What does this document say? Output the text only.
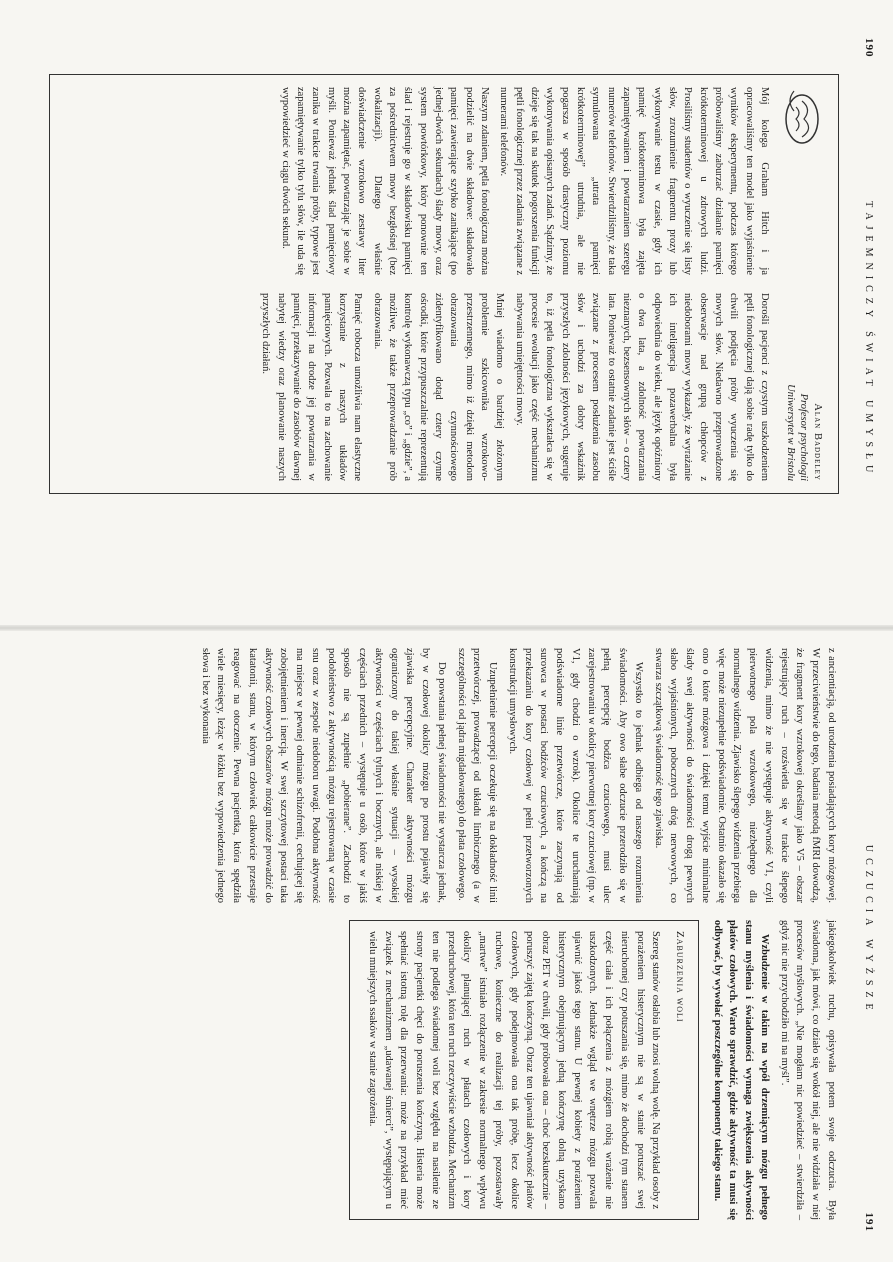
190
TAJEMNICZY ŚWIAT UMYSŁU
Alan Baddeley
Profesor psychologii
Uniwersytet w Bristolu

Mój kolega Graham Hitch i ja opracowaliśmy ten model jako wyjaśnienie wyników eksperymentu, podczas którego próbowaliśmy zaburzać działanie pamięci krótkoterminowej u zdrowych ludzi. Prosiliśmy studentów o wyuczenie się listy słów, zrozumienie fragmentu prozy lub wykonywanie testu w czasie, gdy ich pamięć krótkoterminowa była zajęta zapamiętywaniem i powtarzaniem szeregu numerów telefonów. Stwierdziliśmy, że taka symulowana „utrata pamięci krótkoterminowej” utrudnia, ale nie pogarsza w sposób drastyczny poziomu wykonywania opisanych zadań. Sądzimy, że dzieje się tak na skutek pogorszenia funkcji pętli fonologicznej przez zadania związane z numerami telefonów.

Naszym zdaniem, pętla fonologiczna można podzielić na dwie składowe: składowało pamięci zawierające szybko zanikające (po jednej-dwóch sekundach) ślady mowy, oraz system powtórkowy, który ponownie ten ślad i rejestruje go w składowisku pamięci za pośrednictwem mowy bezgłośnej (bez wokalizacji). Dlatego właśnie doświadczenie wzrokowo zestawy liter można zapamiętać, powtarzając je sobie w myśli. Ponieważ jednak ślad pamięciowy zanika w trakcie trwania próby, typowe jest zapamiętywanie tylko tylu słów, ile uda się wypowiedzieć w ciągu dwóch sekund.

Dorośli pacjenci z czystym uszkodzeniem pętli fonologicznej dają sobie radę tylko do chwili podjęcia próby wyuczenia się nowych słów. Niedawno przeprowadzone obserwacje nad grupą chłopców z niedoborami mowy wykazały, że wyrażanie ich inteligencja pozawerbalna była odpowiednia do wieku, ale język opóźniony o dwa lata, a zdolność powtarzania nieznanych, bezsensownych słów – o cztery lata. Ponieważ to ostatnie zadanie jest ściśle związane z procesem posłużenia zasobu słów i uchodzi za dobry wskaźnik przyszłych zdolności językowych, sugeruje to, iż pętla fonologiczna wykształca się w procesie ewolucji jako część mechanizmu nabywania umiejętności mowy.

Mniej wiadomo o bardziej złożonym problemie szkicownika wzrokowo-przestrzennego, mimo iż dzięki metodom obrazowania czynnościowego zidentyfikowano dotąd cztery czynne ośrodki, które przypuszczalnie reprezentują kontrolę wykonawczą typu „co” i „gdzie”, a możliwe, że także przeprowadzanie prób obrazowania.

Pamięć robocza umożliwia nam elastyczne korzystanie z naszych układów pamięciowych. Pozwala to na zachowanie informacji na drodze jej powtarzania w pamięci, przekazywanie do zasobów dawnej nabytej wiedzy oraz planowanie naszych przyszłych działań.

UCZUCIA WYŻSZE
191

z ancientiacją, od urodzenia posiadających kory mózgowej. W przeciwieństwie do tego, badania metodą fMRI dowodzą, że fragment kory wzrokowej określany jako V5 – obszar rejestrujący ruch – rozświetla się w trakcie ślepego widzenia, mimo że nie występuje aktywność V1, czyli pierwotnego pola wzrokowego, niezbędnego dla normalnego widzenia. Zjawisko ślepego widzenia przebiega więc może niezupełnie podświadomie. Ostatnio okazało się ono o które mózgowa i dzięki temu wyjście minimalne ślady swej aktywności do świadomości drogą pewnych słabo wyjaśnionych, pobocznych dróg nerwowych, co stwarza szczątkową świadomość tego zjawiska.

Wszystko to jednak odbiega od naszego rozumienia świadomości. Aby owo słabe odczucie przerodziło się w pełną percepcję bodźca czuciowego, musi ulec zarejestrowaniu w okolicy pierwotnej kory czuciowej (np. w V1, gdy chodzi o wzrok). Okolice te uruchamiają podświadome linie przetwórcze, które zaczynają od surowca w postaci bodźców czuciowych, a kończą na przekazaniu do kory czołowej w pełni przetworzonych konstrukcji umysłowych.

Uzupełnienie percepcji oczekuje się na dokładność linii przetwórczej, prowadzącej od układu limbicznego (a w szczególności od jądra migdałowatego) do płata czołowego.

Do powstania pełnej świadomości nie wystarcza jednak, by w czołowej okolicy mózgu po prostu pojawiły się zjawiska percepcyjne. Charakter aktywności mózgu ograniczony do takiej właśnie sytuacji – wysokiej aktywności w częściach tylnych i bocznych, ale niskiej w częściach przednich – występuje u osób, które w jakiś sposób nie są zupełnie „pobierane”. Zachodzi to podobieństwo z aktywnością mózgu rejestrowaną w czasie snu oraz w zespole niedoboru uwagi. Podobna aktywność ma miejsce w pewnej odmianie schizofrenii, cechującej się zobojętnieniem i inercją. W swej szczytowej postaci taka aktywność czołowych obszarów mózgu może prowadzić do katatonii, stanu, w którym człowiek całkowicie przestaje reagować na otoczenie. Pewna pacjentka, która spędziła wiele miesięcy, leżąc w łóżku bez wypowiedzenia jednego słowa i bez wykonania

jakiegokolwiek ruchu, opisywała potem swoje odczucia. Była świadoma, jak mówi, co działo się wokół niej, ale nie widziała w niej procesów myślowych. „Nie mogłam nic powiedzieć – stwierdziła – gdyż nic nie przychodziło mi na myśl”.

Wzbudzenie w takim na wpół drzemiącym mózgu pełnego stanu myślenia i świadomości wymaga zwiększenia aktywności płatów czołowych. Warto sprawdzić, gdzie aktywność ta musi się odbywać, by wywołać poszczególne komponenty takiego stanu.

Zaburzenia woli

Szereg stanów osłabia lub znosi wolną wolę. Na przykład osoby z porażeniem histerycznym nie są w stanie poruszać swej nieruchomej czy potuszania się, mimo że dochodzi tym stanem część ciała i ich połączenia z mózgiem robią wrażenie nie uszkodzonych. Jednakże wgląd we wnętrze mózgu pozwala ujawnić jakoś tego stanu. U pewnej kobiety z porażeniem histerycznym obejmującym jedną kończynę dolną uzyskano obraz PET w chwili, gdy próbowała ona – choć bezskutecznie – poruszyć zajętą kończyną. Obraz ten ujawniał aktywność płatów czołowych, gdy podejmowała ona tak próbę, lecz okolice ruchowe, konieczne do realizacji tej próby, pozostawały „martwe” istniało rozłączenie w zakresie normalnego wpływu okolicy planującej ruch w płatach czołowych i kory przedruchowej, która ten ruch rzeczywiście wzbudza. Mechanizm ten nie podlega świadomej woli bez względu na nasilenie ze strony pacjentki chęci do poruszenia kończyną. Histeria może spełniać istotną rolę dla przerwania: może na przykład mieć związek z mechanizmem „udawanej śmierci”, występującym u wielu mniejszych ssaków w stanie zagrożenia.
